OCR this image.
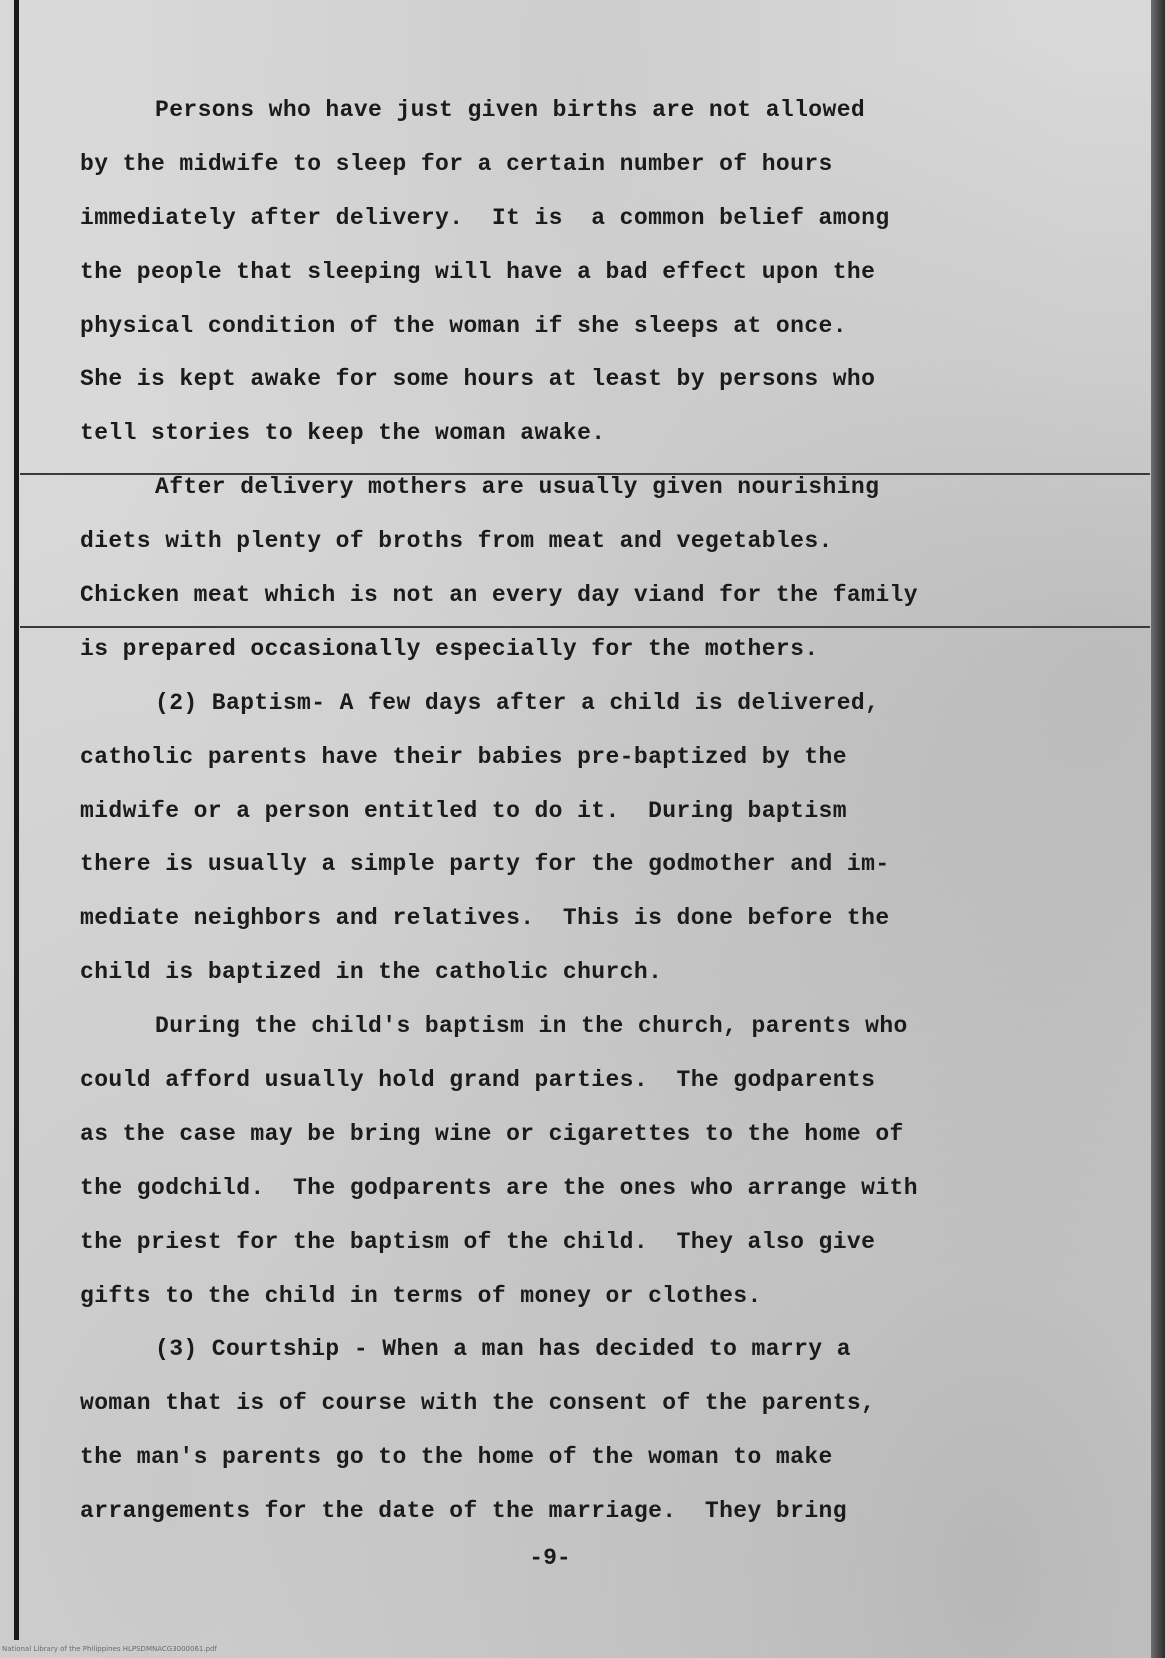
Persons who have just given births are not allowed
by the midwife to sleep for a certain number of hours
immediately after delivery.  It is  a common belief among
the people that sleeping will have a bad effect upon the
physical condition of the woman if she sleeps at once.
She is kept awake for some hours at least by persons who
tell stories to keep the woman awake.
After delivery mothers are usually given nourishing
diets with plenty of broths from meat and vegetables.
Chicken meat which is not an every day viand for the family
is prepared occasionally especially for the mothers.
(2) Baptism- A few days after a child is delivered,
catholic parents have their babies pre-baptized by the
midwife or a person entitled to do it.  During baptism
there is usually a simple party for the godmother and im-
mediate neighbors and relatives.  This is done before the
child is baptized in the catholic church.
During the child's baptism in the church, parents who
could afford usually hold grand parties.  The godparents
as the case may be bring wine or cigarettes to the home of
the godchild.  The godparents are the ones who arrange with
the priest for the baptism of the child.  They also give
gifts to the child in terms of money or clothes.
(3) Courtship - When a man has decided to marry a
woman that is of course with the consent of the parents,
the man's parents go to the home of the woman to make
arrangements for the date of the marriage.  They bring
-9-
National Library of the Philippines HLPSDMNACG3000061.pdf
